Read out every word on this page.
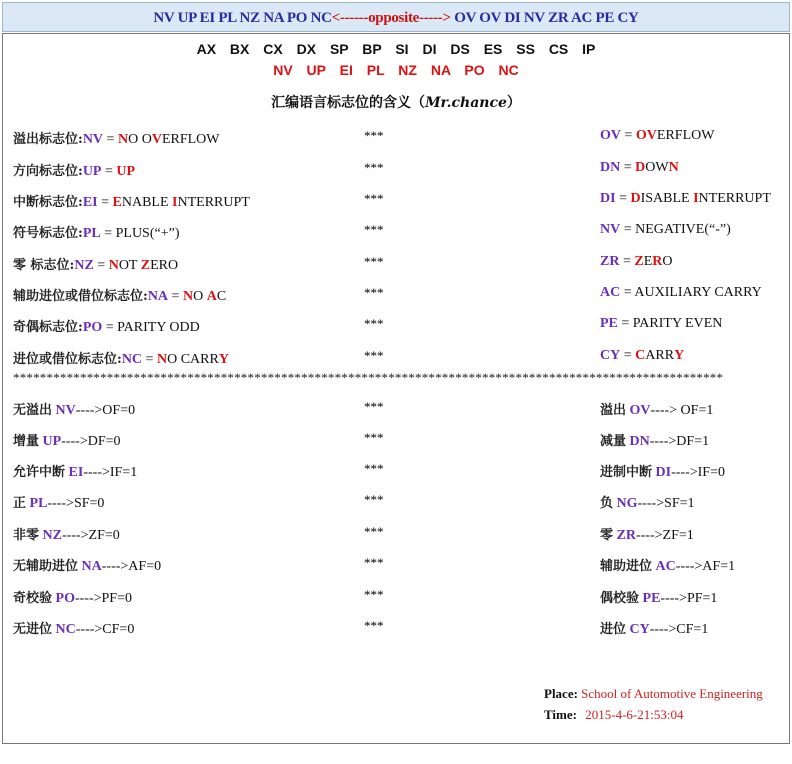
NV UP EI PL NZ NA PO NC<------opposite-----> OV OV DI NV ZR AC PE CY
AX BX CX DX SP BP SI DI DS ES SS CS IP
NV UP EI PL NZ NA PO NC
汇编语言标志位的含义（Mr.chance）
溢出标志位:NV = NO OVERFLOW	***	OV = OVERFLOW
方向标志位:UP = UP	***	DN = DOWN
中断标志位:EI = ENABLE INTERRUPT	***	DI = DISABLE INTERRUPT
符号标志位:PL = PLUS(“+”)	***	NV = NEGATIVE(“-”)
零 标志位:NZ = NOT ZERO	***	ZR = ZERO
辅助进位或借位标志位:NA = NO AC	***	AC = AUXILIARY CARRY
奇偶标志位:PO = PARITY ODD	***	PE = PARITY EVEN
进位或借位标志位:NC = NO CARRY	***	CY = CARRY
**********************************************************************************************************
无溢出 NV---->OF=0	***	溢出 OV----> OF=1
增量 UP---->DF=0	***	减量 DN---->DF=1
允许中断 EI---->IF=1	***	进制中断 DI---->IF=0
正 PL---->SF=0	***	负 NG---->SF=1
非零 NZ---->ZF=0	***	零 ZR---->ZF=1
无辅助进位 NA---->AF=0	***	辅助进位 AC---->AF=1
奇校验 PO---->PF=0	***	偶校验 PE---->PF=1
无进位 NC---->CF=0	***	进位 CY---->CF=1
Place: School of Automotive Engineering
Time: 2015-4-6-21:53:04
